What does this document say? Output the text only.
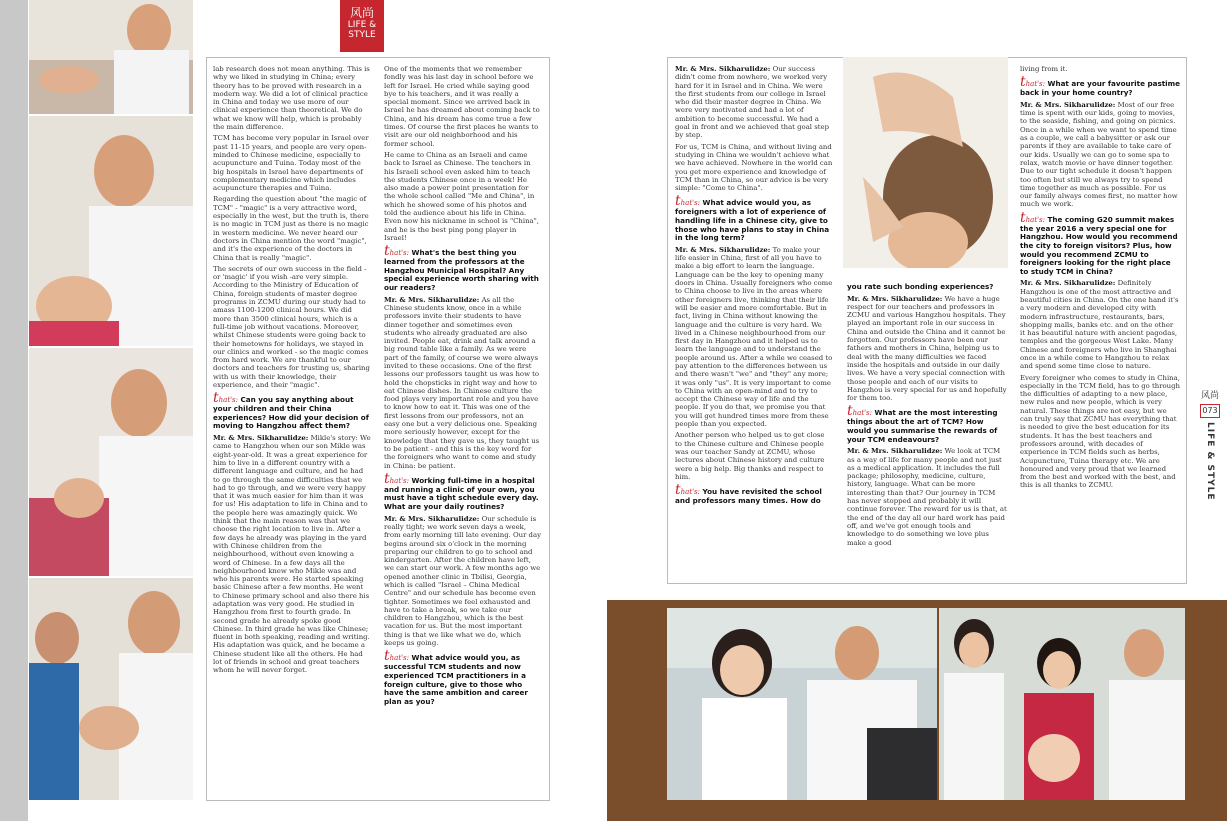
风尚
LIFE &
STYLE

lab research does not mean anything. This is why we liked in studying in China; every theory has to be proved with research in a modern way. We did a lot of clinical practice in China and today we use more of our clinical experience than theoretical. We do what we know will help, which is probably the main difference.

TCM has become very popular in Israel over past 11-15 years, and people are very open-minded to Chinese medicine, especially to acupuncture and Tuina. Today most of the big hospitals in Israel have departments of complementary medicine which includes acupuncture therapies and Tuina.

Regarding the question about "the magic of TCM" - "magic" is a very attractive word, especially in the west, but the truth is, there is no magic in TCM just as there is no magic in western medicine. We never heard our doctors in China mention the word "magic", and it's the experience of the doctors in China that is really "magic".

The secrets of our own success in the field - or 'magic' if you wish -are very simple. According to the Ministry of Education of China, foreign students of master degree programs in ZCMU during our study had to amass 1100-1200 clinical hours. We did more than 3500 clinical hours, which is a full-time job without vacations. Moreover, whilst Chinese students were going back to their hometowns for holidays, we stayed in our clinics and worked - so the magic comes from hard work. We are thankful to our doctors and teachers for trusting us, sharing with us with their knowledge, their experience, and their "magic".

that's: Can you say anything about your children and their China experiences? How did your decision of moving to Hangzhou affect them?

Mr. & Mrs. Sikharulidze: Mikle's story: We came to Hangzhou when our son Mikle was eight-year-old. It was a great experience for him to live in a different country with a different language and culture, and he had to go through the same difficulties that we had to go through, and we were very happy that it was much easier for him than it was for us! His adaptation to life in China and to the people here was amazingly quick. We think that the main reason was that we choose the right location to live in. After a few days he already was playing in the yard with Chinese children from the neighbourhood, without even knowing a word of Chinese. In a few days all the neighbourhood knew who Mikle was and who his parents were. He started speaking basic Chinese after a few months. He went to Chinese primary school and also there his adaptation was very good. He studied in Hangzhou from first to fourth grade. In second grade he already spoke good Chinese. In third grade he was like Chinese; fluent in both speaking, reading and writing. His adaptation was quick, and he became a Chinese student like all the others. He had lot of friends in school and great teachers whom he will never forget.

One of the moments that we remember fondly was his last day in school before we left for Israel. He cried while saying good bye to his teachers, and it was really a special moment. Since we arrived back in Israel he has dreamed about coming back to China, and his dream has come true a few times. Of course the first places he wants to visit are our old neighborhood and his former school.

He came to China as an Israeli and came back to Israel as Chinese. The teachers in his Israeli school even asked him to teach the students Chinese once in a week! He also made a power point presentation for the whole school called "Me and China", in which he showed some of his photos and told the audience about his life in China. Even now his nickname in school is "China", and he is the best ping pong player in Israel!

that's: What's the best thing you learned from the professors at the Hangzhou Municipal Hospital? Any special experience worth sharing with our readers?

Mr. & Mrs. Sikharulidze: As all the Chinese students know, once in a while professors invite their students to have dinner together and sometimes even students who already graduated are also invited. People eat, drink and talk around a big round table like a family. As we were part of the family, of course we were always invited to these occasions. One of the first lessons our professors taught us was how to hold the chopsticks in right way and how to eat Chinese dishes. In Chinese culture the food plays very important role and you have to know how to eat it. This was one of the first lessons from our professors, not an easy one but a very delicious one. Speaking more seriously however, except for the knowledge that they gave us, they taught us to be patient - and this is the key word for the foreigners who want to come and study in China: be patient.

that's: Working full-time in a hospital and running a clinic of your own, you must have a tight schedule every day. What are your daily routines?

Mr. & Mrs. Sikharulidze: Our schedule is really tight; we work seven days a week, from early morning till late evening. Our day begins around six o'clock in the morning preparing our children to go to school and kindergarten. After the children have left, we can start our work. A few months ago we opened another clinic in Tbilisi, Georgia, which is called "Israel – China Medical Centre" and our schedule has become even tighter. Sometimes we feel exhausted and have to take a break, so we take our children to Hangzhou, which is the best vacation for us. But the most important thing is that we like what we do, which keeps us going.

that's: What advice would you, as successful TCM students and now experienced TCM practitioners in a foreign culture, give to those who have the same ambition and career plan as you?

Mr. & Mrs. Sikharulidze: Our success didn't come from nowhere, we worked very hard for it in Israel and in China. We were the first students from our college in Israel who did their master degree in China. We were very motivated and had a lot of ambition to become successful. We had a goal in front and we achieved that goal step by step.

For us, TCM is China, and without living and studying in China we wouldn't achieve what we have achieved. Nowhere in the world can you get more experience and knowledge of TCM than in China, so our advice is be very simple: "Come to China".

that's: What advice would you, as foreigners with a lot of experience of handling life in a Chinese city, give to those who have plans to stay in China in the long term?

Mr. & Mrs. Sikharulidze: To make your life easier in China, first of all you have to make a big effort to learn the language. Language can be the key to opening many doors in China. Usually foreigners who come to China choose to live in the areas where other foreigners live, thinking that their life will be easier and more comfortable. But in fact, living in China without knowing the language and the culture is very hard. We lived in a Chinese neighbourhood from our first day in Hangzhou and it helped us to learn the language and to understand the people around us. After a while we ceased to pay attention to the differences between us and there wasn't "we" and "they" any more; it was only "us". It is very important to come to China with an open-mind and to try to accept the Chinese way of life and the people. If you do that, we promise you that you will get hundred times more from these people than you expected.

Another person who helped us to get close to the Chinese culture and Chinese people was our teacher Sandy at ZCMU, whose lectures about Chinese history and culture were a big help. Big thanks and respect to him.

that's: You have revisited the school and professors many times. How do
you rate such bonding experiences?

Mr. & Mrs. Sikharulidze: We have a huge respect for our teachers and professors in ZCMU and various Hangzhou hospitals. They played an important role in our success in China and outside the China and it cannot be forgotten. Our professors have been our fathers and mothers in China, helping us to deal with the many difficulties we faced inside the hospitals and outside in our daily lives. We have a very special connection with those people and each of our visits to Hangzhou is very special for us and hopefully for them too.

that's: What are the most interesting things about the art of TCM? How would you summarise the rewards of your TCM endeavours?

Mr. & Mrs. Sikharulidze: We look at TCM as a way of life for many people and not just as a medical application. It includes the full package; philosophy, medicine, culture, history, language. What can be more interesting than that? Our journey in TCM has never stopped and probably it will continue forever. The reward for us is that, at the end of the day all our hard work has paid off, and we've got enough tools and knowledge to do something we love plus make a good

living from it.

that's: What are your favourite pastime back in your home country?

Mr. & Mrs. Sikharulidze: Most of our free time is spent with our kids, going to movies, to the seaside, fishing, and going on picnics. Once in a while when we want to spend time as a couple, we call a babysitter or ask our parents if they are available to take care of our kids. Usually we can go to some spa to relax, watch movie or have dinner together. Due to our tight schedule it doesn't happen too often but still we always try to spend time together as much as possible. For us our family always comes first, no matter how much we work.

that's: The coming G20 summit makes the year 2016 a very special one for Hangzhou. How would you recommend the city to foreign visitors? Plus, how would you recommend ZCMU to foreigners looking for the right place to study TCM in China?

Mr. & Mrs. Sikharulidze: Definitely Hangzhou is one of the most attractive and beautiful cities in China. On the one hand it's a very modern and developed city with modern infrastructure, restaurants, bars, shopping malls, banks etc. and on the other it has beautiful nature with ancient pagodas, temples and the gorgeous West Lake. Many Chinese and foreigners who live in Shanghai once in a while come to Hangzhou to relax and spend some time close to nature.

Every foreigner who comes to study in China, especially in the TCM field, has to go through the difficulties of adapting to a new place, new rules and new people, which is very natural. These things are not easy, but we can truly say that ZCMU has everything that is needed to give the best education for its students. It has the best teachers and professors around, with decades of experience in TCM fields such as herbs, Acupuncture, Tuina therapy etc. We are honoured and very proud that we learned from the best and worked with the best, and this is all thanks to ZCMU.

风尚
073
LIFE & STYLE
